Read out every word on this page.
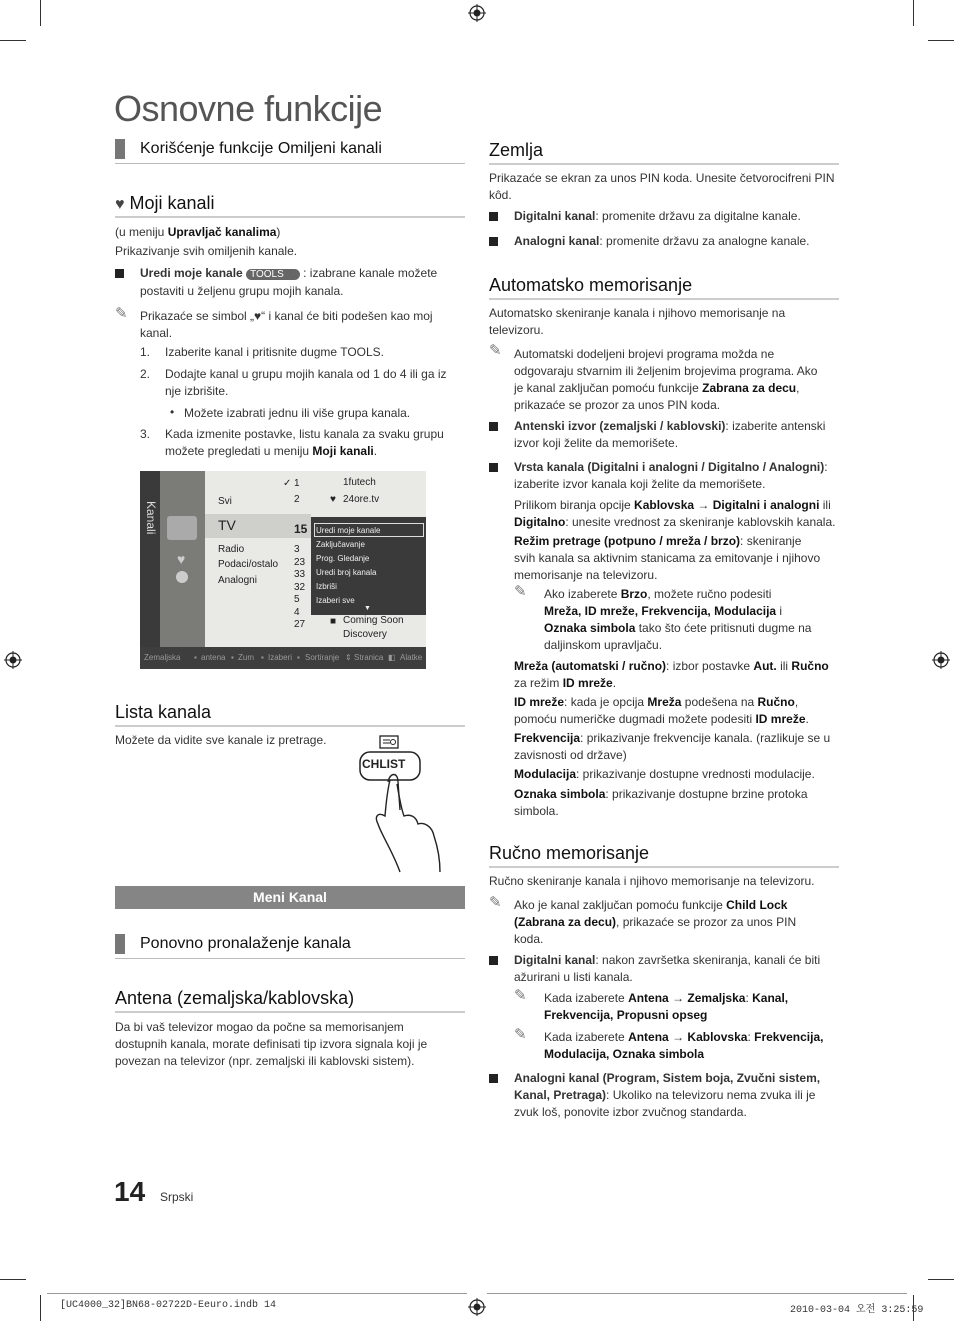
Osnovne funkcije
Korišćenje funkcije Omiljeni kanali
♥ Moji kanali
(u meniju Upravljač kanalima)
Prikazivanje svih omiljenih kanale.
Uredi moje kanale TOOLS : izabrane kanale možete
postaviti u željenu grupu mojih kanala.
✎ Prikazaće se simbol „♥“ i kanal će biti podešen kao moj
kanal.
1. Izaberite kanal i pritisnite dugme TOOLS.
2. Dodajte kanal u grupu mojih kanala od 1 do 4 ili ga iz
nje izbrišite.
• Možete izabrati jednu ili više grupa kanala.
3. Kada izmenite postavke, listu kanala za svaku grupu
možete pregledati u meniju Moji kanali.
Kanali
♥
Svi
TV
Radio
Podaci/ostalo
Analogni
✓ 1
2
1futech
♥ 24ore.tv
15
3
23
33
32
5
4
27 ■ Coming Soon
Discovery
Uredi moje kanale
Zaključavanje
Prog. Gledanje
Uredi broj kanala
Izbriši
Izaberi sve
▼
Zemaljska ▪ antena ▪ Zum ▪ Izaberi ▪ Sortiranje ⇕ Stranica ◧ Alatke
Lista kanala
Možete da vidite sve kanale iz pretrage.
CHLIST
Meni Kanal
Ponovno pronalaženje kanala
Antena (zemaljska/kablovska)
Da bi vaš televizor mogao da počne sa memorisanjem
dostupnih kanala, morate definisati tip izvora signala koji je
povezan na televizor (npr. zemaljski ili kablovski sistem).
Zemlja
Prikazaće se ekran za unos PIN koda. Unesite četvorocifreni PIN
kôd.
Digitalni kanal: promenite državu za digitalne kanale.
Analogni kanal: promenite državu za analogne kanale.
Automatsko memorisanje
Automatsko skeniranje kanala i njihovo memorisanje na
televizoru.
✎ Automatski dodeljeni brojevi programa možda ne
odgovaraju stvarnim ili željenim brojevima programa. Ako
je kanal zaključan pomoću funkcije Zabrana za decu,
prikazaće se prozor za unos PIN koda.
Antenski izvor (zemaljski / kablovski): izaberite antenski
izvor koji želite da memorišete.
Vrsta kanala (Digitalni i analogni / Digitalno / Analogni):
izaberite izvor kanala koji želite da memorišete.
Prilikom biranja opcije Kablovska → Digitalni i analogni ili
Digitalno: unesite vrednost za skeniranje kablovskih kanala.
Režim pretrage (potpuno / mreža / brzo): skeniranje
svih kanala sa aktivnim stanicama za emitovanje i njihovo
memorisanje na televizoru.
✎ Ako izaberete Brzo, možete ručno podesiti
Mreža, ID mreže, Frekvencija, Modulacija i
Oznaka simbola tako što ćete pritisnuti dugme na
daljinskom upravljaču.
Mreža (automatski / ručno): izbor postavke Aut. ili Ručno
za režim ID mreže.
ID mreže: kada je opcija Mreža podešena na Ručno,
pomoću numeričke dugmadi možete podesiti ID mreže.
Frekvencija: prikazivanje frekvencije kanala. (razlikuje se u
zavisnosti od države)
Modulacija: prikazivanje dostupne vrednosti modulacije.
Oznaka simbola: prikazivanje dostupne brzine protoka
simbola.
Ručno memorisanje
Ručno skeniranje kanala i njihovo memorisanje na televizoru.
✎ Ako je kanal zaključan pomoću funkcije Child Lock
(Zabrana za decu), prikazaće se prozor za unos PIN
koda.
Digitalni kanal: nakon završetka skeniranja, kanali će biti
ažurirani u listi kanala.
✎ Kada izaberete Antena → Zemaljska: Kanal,
Frekvencija, Propusni opseg
✎ Kada izaberete Antena → Kablovska: Frekvencija,
Modulacija, Oznaka simbola
Analogni kanal (Program, Sistem boja, Zvučni sistem,
Kanal, Pretraga): Ukoliko na televizoru nema zvuka ili je
zvuk loš, ponovite izbor zvučnog standarda.
14 Srpski
[UC4000_32]BN68-02722D-Eeuro.indb 14	2010-03-04 오전 3:25:59
